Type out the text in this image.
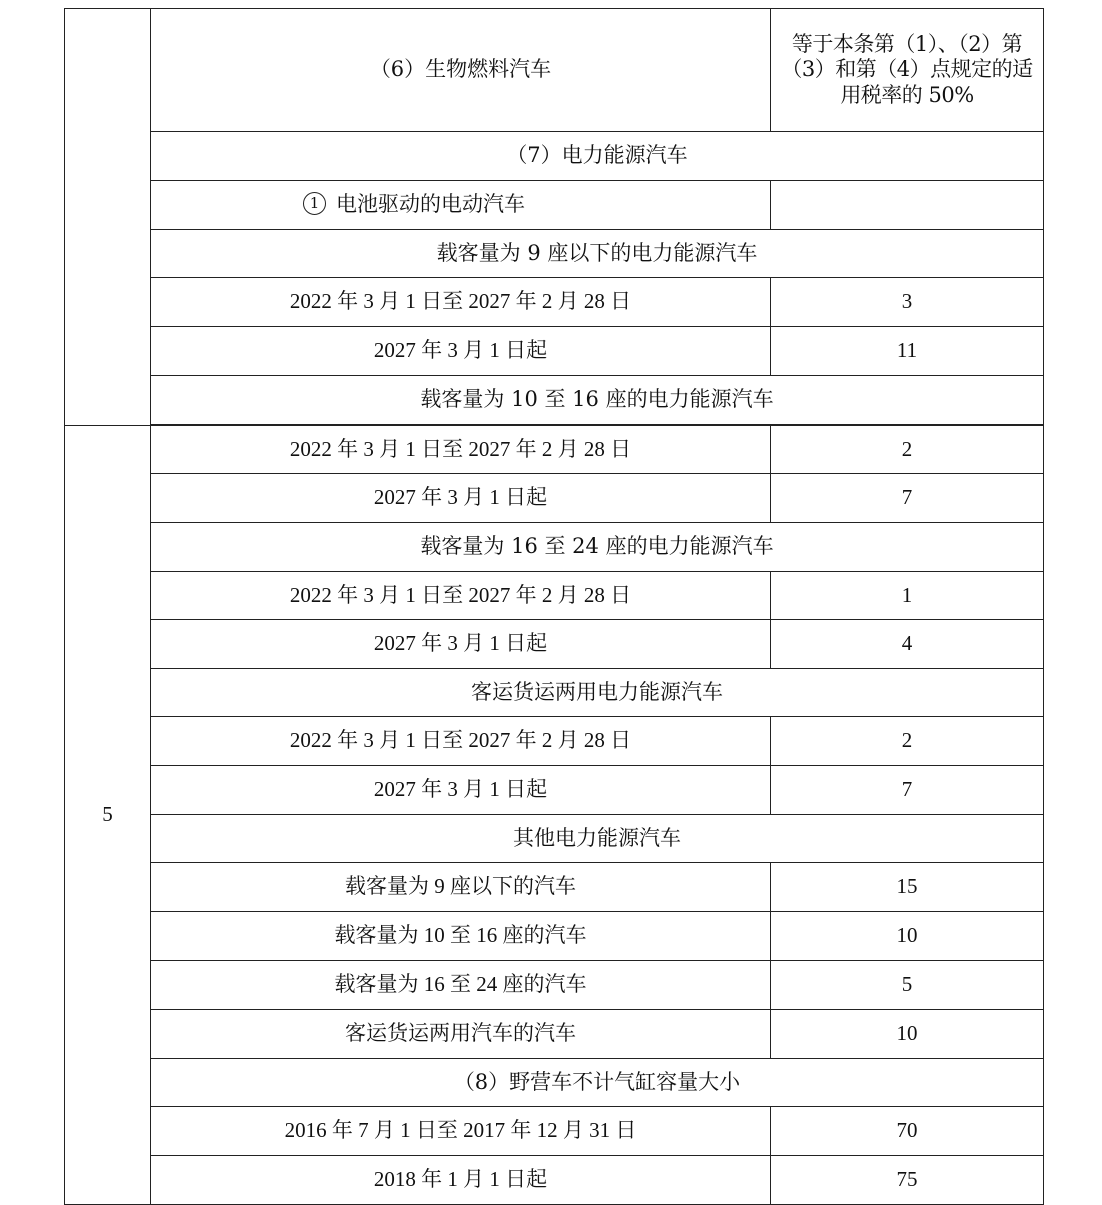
	（6）生物燃料汽车	等于本条第（1）、（2）第
（3）和第（4）点规定的适
用税率的 50%

	（7）电力能源汽车	
	1 电池驱动的电动汽车	
	载客量为 9 座以下的电力能源汽车	
	2022 年 3 月 1 日至 2027 年 2 月 28 日	3
	2027 年 3 月 1 日起	11
	载客量为 10 至 16 座的电力能源汽车	

5	2022 年 3 月 1 日至 2027 年 2 月 28 日	2
	2027 年 3 月 1 日起	7
	载客量为 16 至 24 座的电力能源汽车	
	2022 年 3 月 1 日至 2027 年 2 月 28 日	1
	2027 年 3 月 1 日起	4
	客运货运两用电力能源汽车	
	2022 年 3 月 1 日至 2027 年 2 月 28 日	2
	2027 年 3 月 1 日起	7
	其他电力能源汽车	
	载客量为 9 座以下的汽车	15
	载客量为 10 至 16 座的汽车	10
	载客量为 16 至 24 座的汽车	5
	客运货运两用汽车的汽车	10
	（8）野营车不计气缸容量大小	
	2016 年 7 月 1 日至 2017 年 12 月 31 日	70
	2018 年 1 月 1 日起	75
